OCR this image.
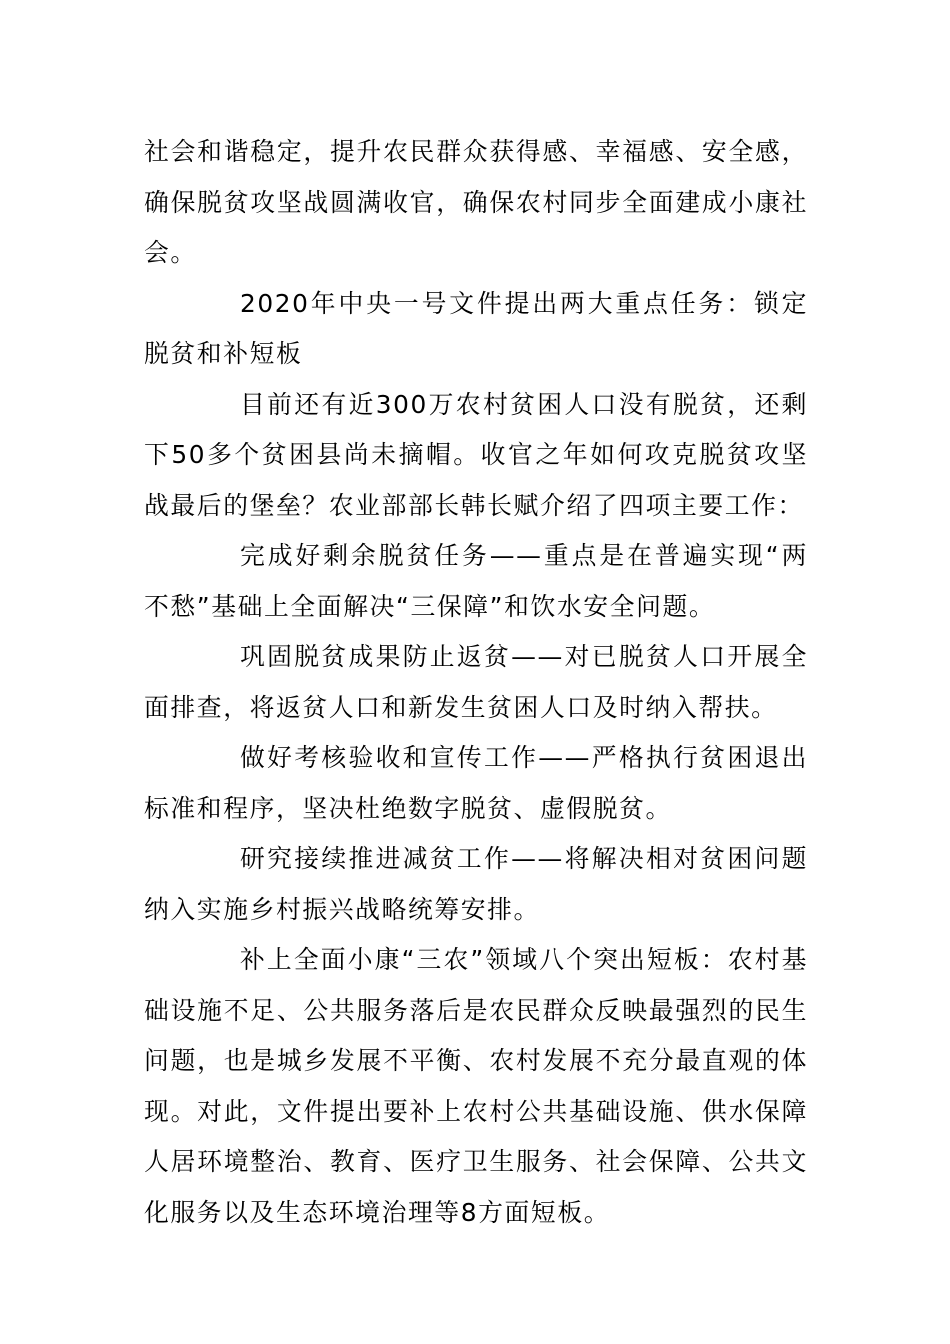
社会和谐稳定，提升农民群众获得感、幸福感、安全感，确保脱贫攻坚战圆满收官，确保农村同步全面建成小康社会。

2020年中央一号文件提出两大重点任务：锁定脱贫和补短板

目前还有近300万农村贫困人口没有脱贫，还剩下50多个贫困县尚未摘帽。收官之年如何攻克脱贫攻坚战最后的堡垒？农业部部长韩长赋介绍了四项主要工作：

完成好剩余脱贫任务——重点是在普遍实现“两不愁”基础上全面解决“三保障”和饮水安全问题。

巩固脱贫成果防止返贫——对已脱贫人口开展全面排查，将返贫人口和新发生贫困人口及时纳入帮扶。

做好考核验收和宣传工作——严格执行贫困退出标准和程序，坚决杜绝数字脱贫、虚假脱贫。

研究接续推进减贫工作——将解决相对贫困问题纳入实施乡村振兴战略统筹安排。

补上全面小康“三农”领域八个突出短板：农村基础设施不足、公共服务落后是农民群众反映最强烈的民生问题，也是城乡发展不平衡、农村发展不充分最直观的体现。对此，文件提出要补上农村公共基础设施、供水保障人居环境整治、教育、医疗卫生服务、社会保障、公共文化服务以及生态环境治理等8方面短板。
